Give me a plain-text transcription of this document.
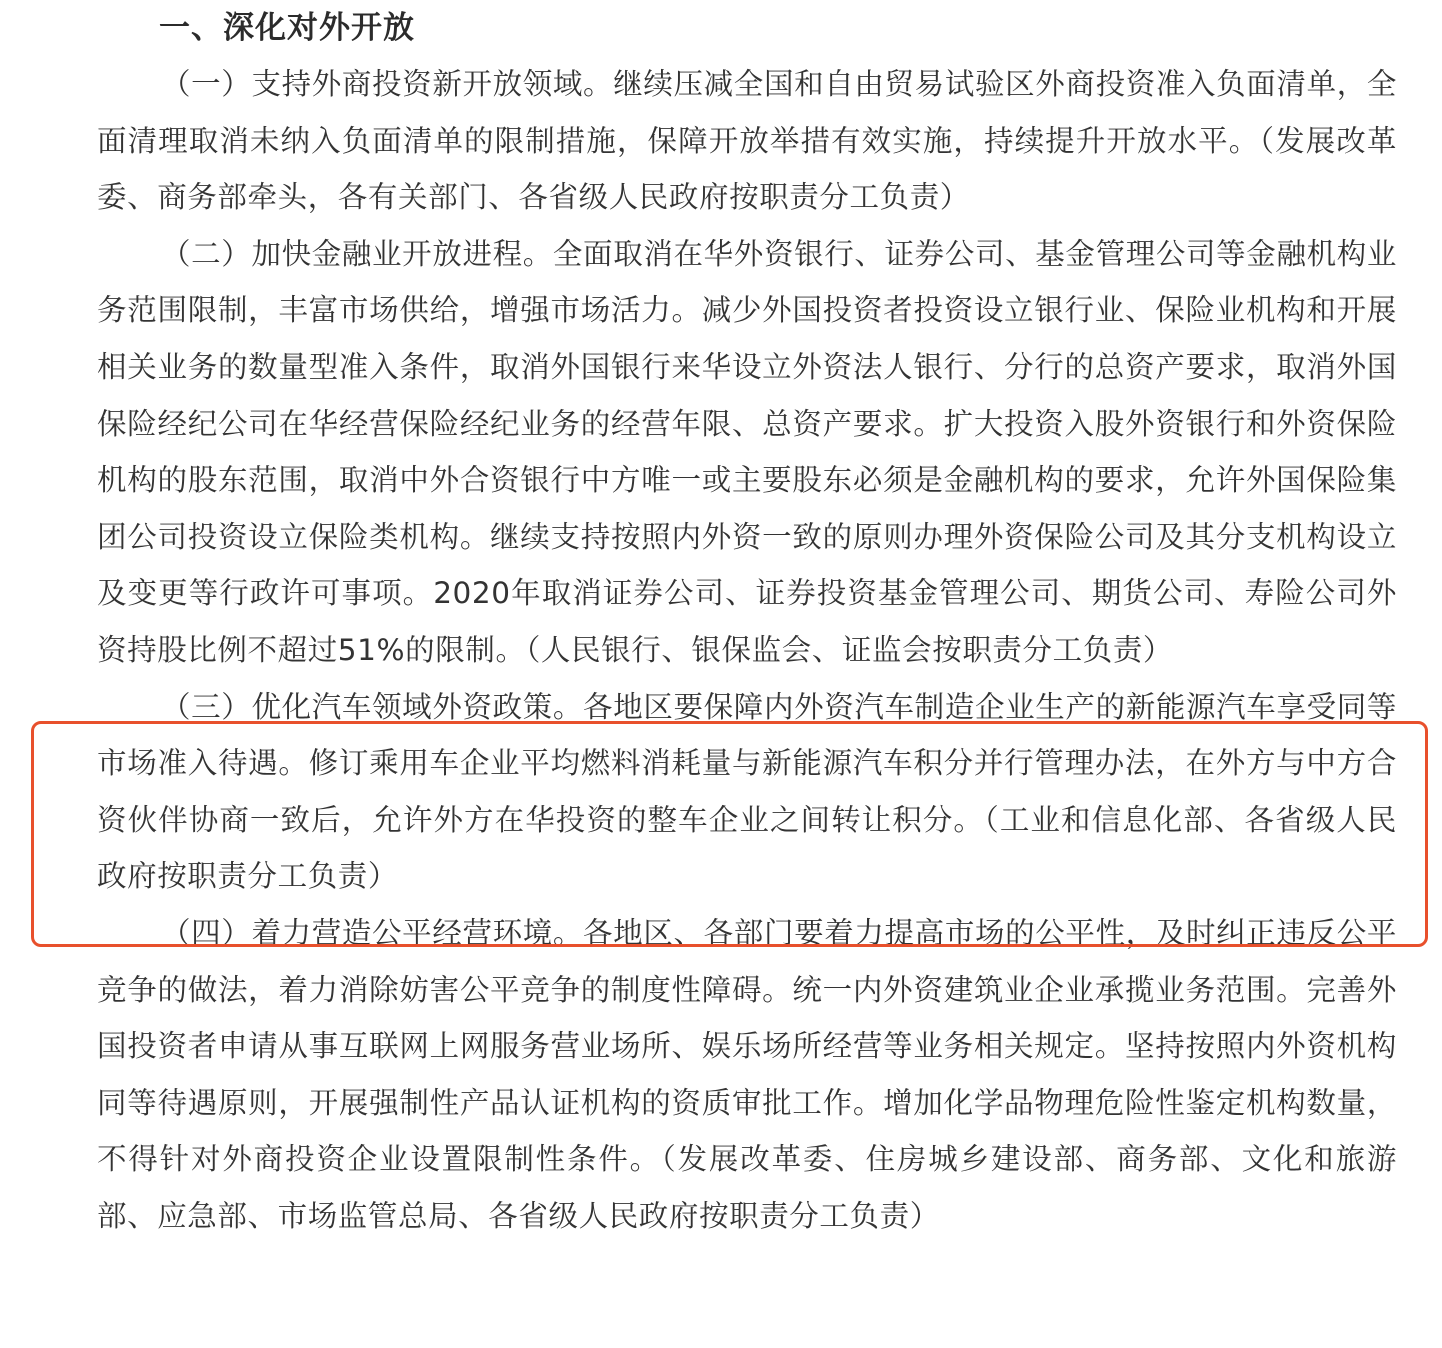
一、深化对外开放

（一）支持外商投资新开放领域。继续压减全国和自由贸易试验区外商投资准入负面清单，全面清理取消未纳入负面清单的限制措施，保障开放举措有效实施，持续提升开放水平。（发展改革委、商务部牵头，各有关部门、各省级人民政府按职责分工负责）

（二）加快金融业开放进程。全面取消在华外资银行、证券公司、基金管理公司等金融机构业务范围限制，丰富市场供给，增强市场活力。减少外国投资者投资设立银行业、保险业机构和开展相关业务的数量型准入条件，取消外国银行来华设立外资法人银行、分行的总资产要求，取消外国保险经纪公司在华经营保险经纪业务的经营年限、总资产要求。扩大投资入股外资银行和外资保险机构的股东范围，取消中外合资银行中方唯一或主要股东必须是金融机构的要求，允许外国保险集团公司投资设立保险类机构。继续支持按照内外资一致的原则办理外资保险公司及其分支机构设立及变更等行政许可事项。2020年取消证券公司、证券投资基金管理公司、期货公司、寿险公司外资持股比例不超过51%的限制。（人民银行、银保监会、证监会按职责分工负责）

（三）优化汽车领域外资政策。各地区要保障内外资汽车制造企业生产的新能源汽车享受同等市场准入待遇。修订乘用车企业平均燃料消耗量与新能源汽车积分并行管理办法，在外方与中方合资伙伴协商一致后，允许外方在华投资的整车企业之间转让积分。（工业和信息化部、各省级人民政府按职责分工负责）

（四）着力营造公平经营环境。各地区、各部门要着力提高市场的公平性，及时纠正违反公平竞争的做法，着力消除妨害公平竞争的制度性障碍。统一内外资建筑业企业承揽业务范围。完善外国投资者申请从事互联网上网服务营业场所、娱乐场所经营等业务相关规定。坚持按照内外资机构同等待遇原则，开展强制性产品认证机构的资质审批工作。增加化学品物理危险性鉴定机构数量，不得针对外商投资企业设置限制性条件。（发展改革委、住房城乡建设部、商务部、文化和旅游部、应急部、市场监管总局、各省级人民政府按职责分工负责）
